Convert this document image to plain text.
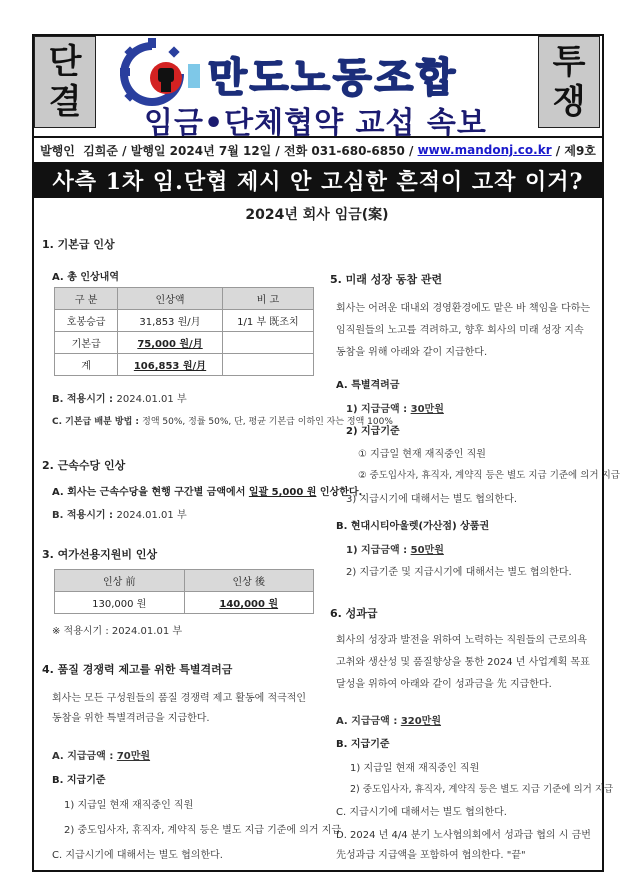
단
결
투
쟁
만도노동조합
임금•단체협약 교섭 속보
발행인  김희준 / 발행일 2024년 7월 12일 / 전화 031-680-6850 / www.mandonj.co.kr / 제9호
사측 1차 임.단협 제시 안 고심한 흔적이 고작 이거?
2024년 회사 임금(案)
1. 기본급 인상
A. 총 인상내역
구 분	인상액	비 고
호봉승급	31,853 원/月	1/1 부 既조치
기본급	75,000 원/月	
계	106,853 원/月	
B. 적용시기 : 2024.01.01 부
C. 기본급 배분 방법 : 정액 50%, 정률 50%, 단, 평균 기본급 이하인 자는 정액 100%
2. 근속수당 인상
A. 회사는 근속수당을 현행 구간별 금액에서 일괄 5,000 원 인상한다.
B. 적용시기 : 2024.01.01 부
3. 여가선용지원비 인상
인상 前	인상 後
130,000 원	140,000 원
※ 적용시기 : 2024.01.01 부
4. 품질 경쟁력 제고를 위한 특별격려금
회사는 모든 구성원들의 품질 경쟁력 제고 활동에 적극적인 동참을 위한 특별격려금을 지급한다.
A. 지급금액 : 70만원
B. 지급기준
1) 지급일 현재 재직중인 직원
2) 중도입사자, 휴직자, 계약직 등은 별도 지급 기준에 의거 지급
C. 지급시기에 대해서는 별도 협의한다.
5. 미래 성장 동참 관련
회사는 어려운 대내외 경영환경에도 맡은 바 책임을 다하는 임직원들의 노고를 격려하고, 향후 회사의 미래 성장 지속 동참을 위해 아래와 같이 지급한다.
A. 특별격려금
1) 지급금액 : 30만원
2) 지급기준
① 지급일 현재 재직중인 직원
② 중도입사자, 휴직자, 계약직 등은 별도 지급 기준에 의거 지급
3) 지급시기에 대해서는 별도 협의한다.
B. 현대시티아울렛(가산점) 상품권
1) 지급금액 : 50만원
2) 지급기준 및 지급시기에 대해서는 별도 협의한다.
6. 성과급
회사의 성장과 발전을 위하여 노력하는 직원들의 근로의욕 고취와 생산성 및 품질향상을 통한 2024 년 사업계획 목표 달성을 위하여 아래와 같이 성과금을 先 지급한다.
A. 지급금액 : 320만원
B. 지급기준
1) 지급일 현재 재직중인 직원
2) 중도입사자, 휴직자, 계약직 등은 별도 지급 기준에 의거 지급
C. 지급시기에 대해서는 별도 협의한다.
D. 2024 년 4/4 분기 노사협의회에서 성과급 협의 시 금번 先성과급 지급액을 포함하여 협의한다. "끝"
